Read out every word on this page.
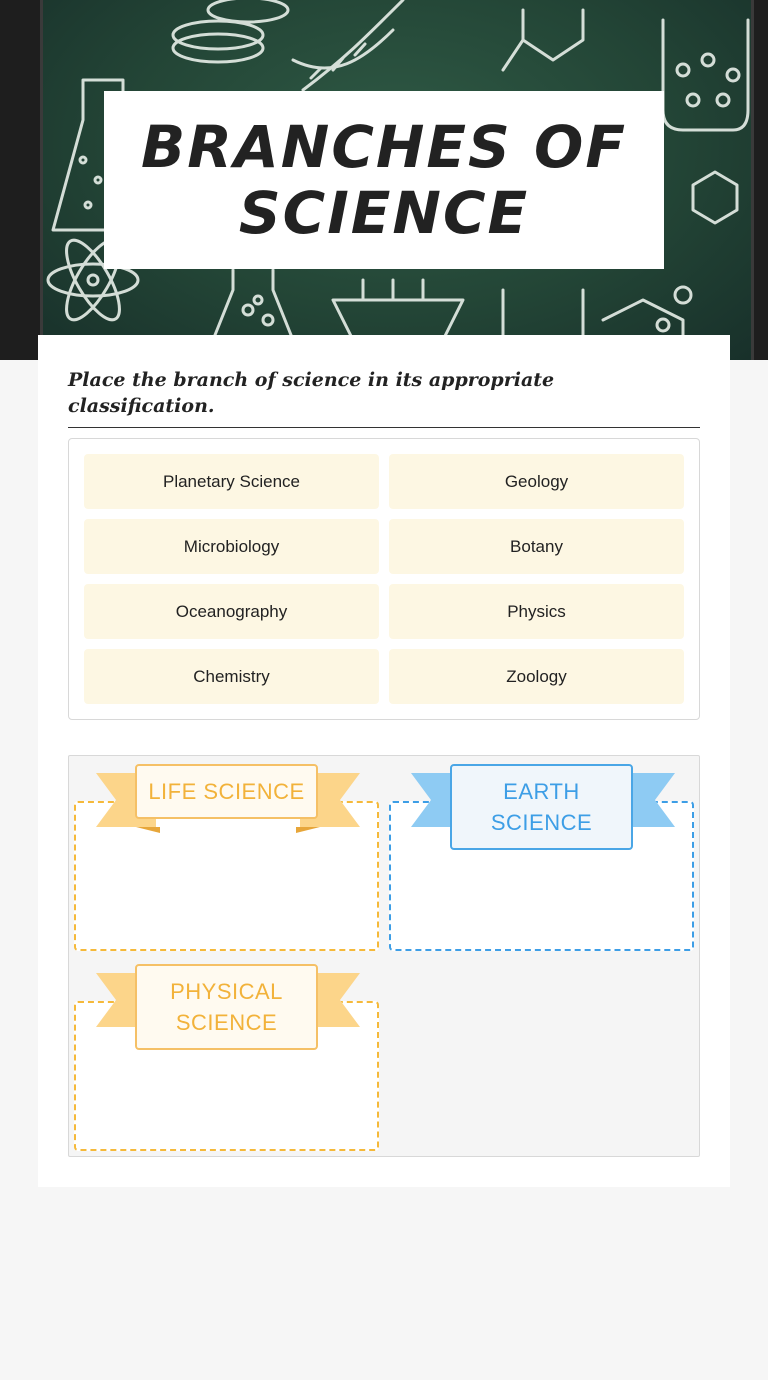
BRANCHES OF SCIENCE
Place the branch of science in its appropriate classification.
Planetary Science	Geology
Microbiology	Botany
Oceanography	Physics
Chemistry	Zoology
LIFE SCIENCE	EARTH SCIENCE
PHYSICAL SCIENCE
